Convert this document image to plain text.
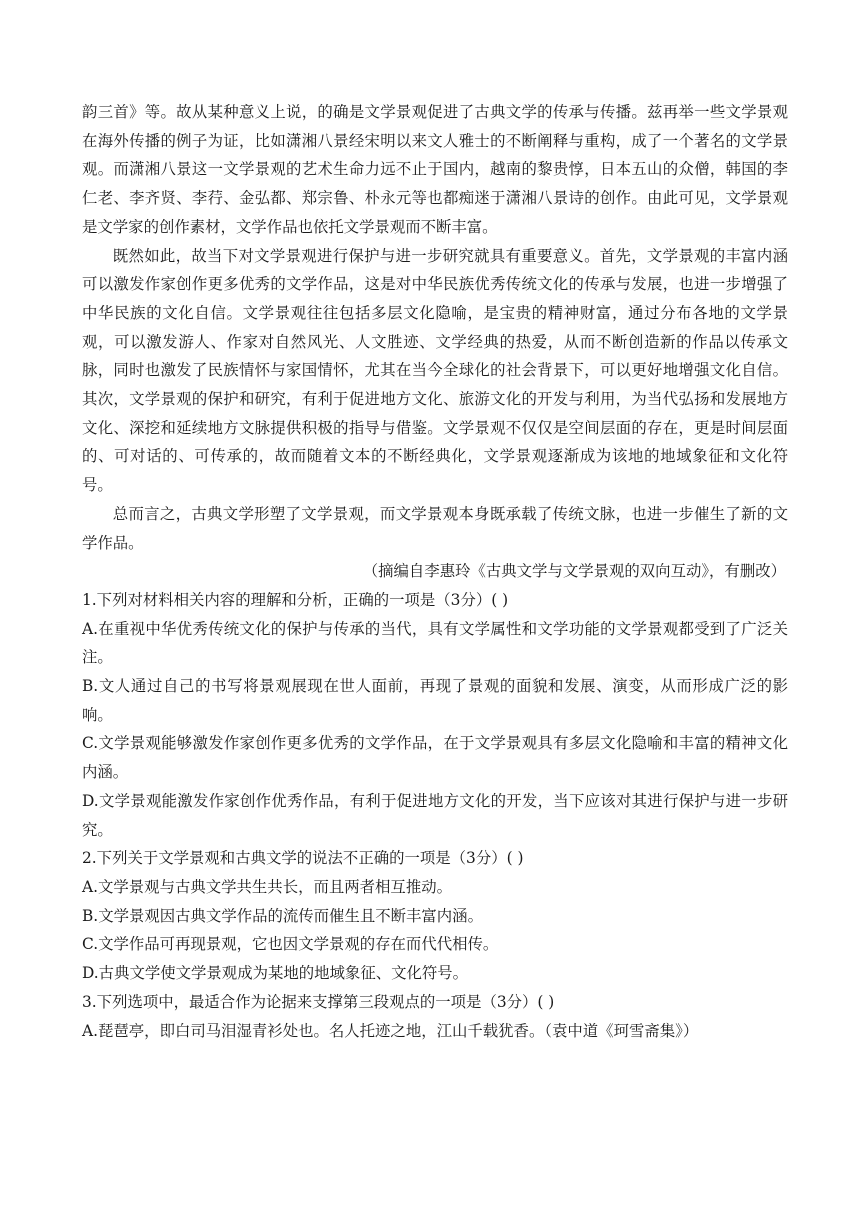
韵三首》等。故从某种意义上说，的确是文学景观促进了古典文学的传承与传播。兹再举一些文学景观在海外传播的例子为证，比如潇湘八景经宋明以来文人雅士的不断阐释与重构，成了一个著名的文学景观。而潇湘八景这一文学景观的艺术生命力远不止于国内，越南的黎贵惇，日本五山的众僧，韩国的李仁老、李齐贤、李荇、金弘都、郑宗鲁、朴永元等也都痴迷于潇湘八景诗的创作。由此可见，文学景观是文学家的创作素材，文学作品也依托文学景观而不断丰富。

既然如此，故当下对文学景观进行保护与进一步研究就具有重要意义。首先，文学景观的丰富内涵可以激发作家创作更多优秀的文学作品，这是对中华民族优秀传统文化的传承与发展，也进一步增强了中华民族的文化自信。文学景观往往包括多层文化隐喻，是宝贵的精神财富，通过分布各地的文学景观，可以激发游人、作家对自然风光、人文胜迹、文学经典的热爱，从而不断创造新的作品以传承文脉，同时也激发了民族情怀与家国情怀，尤其在当今全球化的社会背景下，可以更好地增强文化自信。其次，文学景观的保护和研究，有利于促进地方文化、旅游文化的开发与利用，为当代弘扬和发展地方文化、深挖和延续地方文脉提供积极的指导与借鉴。文学景观不仅仅是空间层面的存在，更是时间层面的、可对话的、可传承的，故而随着文本的不断经典化，文学景观逐渐成为该地的地域象征和文化符号。

总而言之，古典文学形塑了文学景观，而文学景观本身既承载了传统文脉，也进一步催生了新的文学作品。

（摘编自李惠玲《古典文学与文学景观的双向互动》，有删改）

1.下列对材料相关内容的理解和分析，正确的一项是（3分）( )

A.在重视中华优秀传统文化的保护与传承的当代，具有文学属性和文学功能的文学景观都受到了广泛关注。

B.文人通过自己的书写将景观展现在世人面前，再现了景观的面貌和发展、演变，从而形成广泛的影响。

C.文学景观能够激发作家创作更多优秀的文学作品，在于文学景观具有多层文化隐喻和丰富的精神文化内涵。

D.文学景观能激发作家创作优秀作品，有利于促进地方文化的开发，当下应该对其进行保护与进一步研究。

2.下列关于文学景观和古典文学的说法不正确的一项是（3分）( )

A.文学景观与古典文学共生共长，而且两者相互推动。

B.文学景观因古典文学作品的流传而催生且不断丰富内涵。

C.文学作品可再现景观，它也因文学景观的存在而代代相传。

D.古典文学使文学景观成为某地的地域象征、文化符号。

3.下列选项中，最适合作为论据来支撑第三段观点的一项是（3分）( )

A.琵琶亭，即白司马泪湿青衫处也。名人托迹之地，江山千载犹香。（袁中道《珂雪斋集》）
